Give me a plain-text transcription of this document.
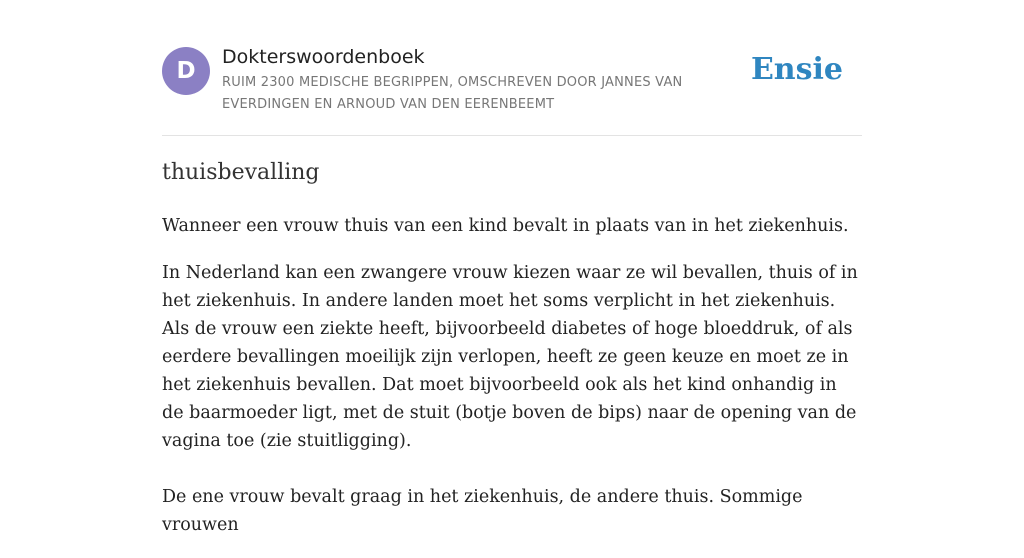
D
Dokterswoordenboek
RUIM 2300 MEDISCHE BEGRIPPEN, OMSCHREVEN DOOR JANNES VAN EVERDINGEN EN ARNOUD VAN DEN EERENBEEMT
Ensie
thuisbevalling

Wanneer een vrouw thuis van een kind bevalt in plaats van in het ziekenhuis.

In Nederland kan een zwangere vrouw kiezen waar ze wil bevallen, thuis of in het ziekenhuis. In andere landen moet het soms verplicht in het ziekenhuis. Als de vrouw een ziekte heeft, bijvoorbeeld diabetes of hoge bloeddruk, of als eerdere bevallingen moeilijk zijn verlopen, heeft ze geen keuze en moet ze in het ziekenhuis bevallen. Dat moet bijvoorbeeld ook als het kind onhandig in de baarmoeder ligt, met de stuit (botje boven de bips) naar de opening van de vagina toe (zie stuitligging).

De ene vrouw bevalt graag in het ziekenhuis, de andere thuis. Sommige vrouwen
